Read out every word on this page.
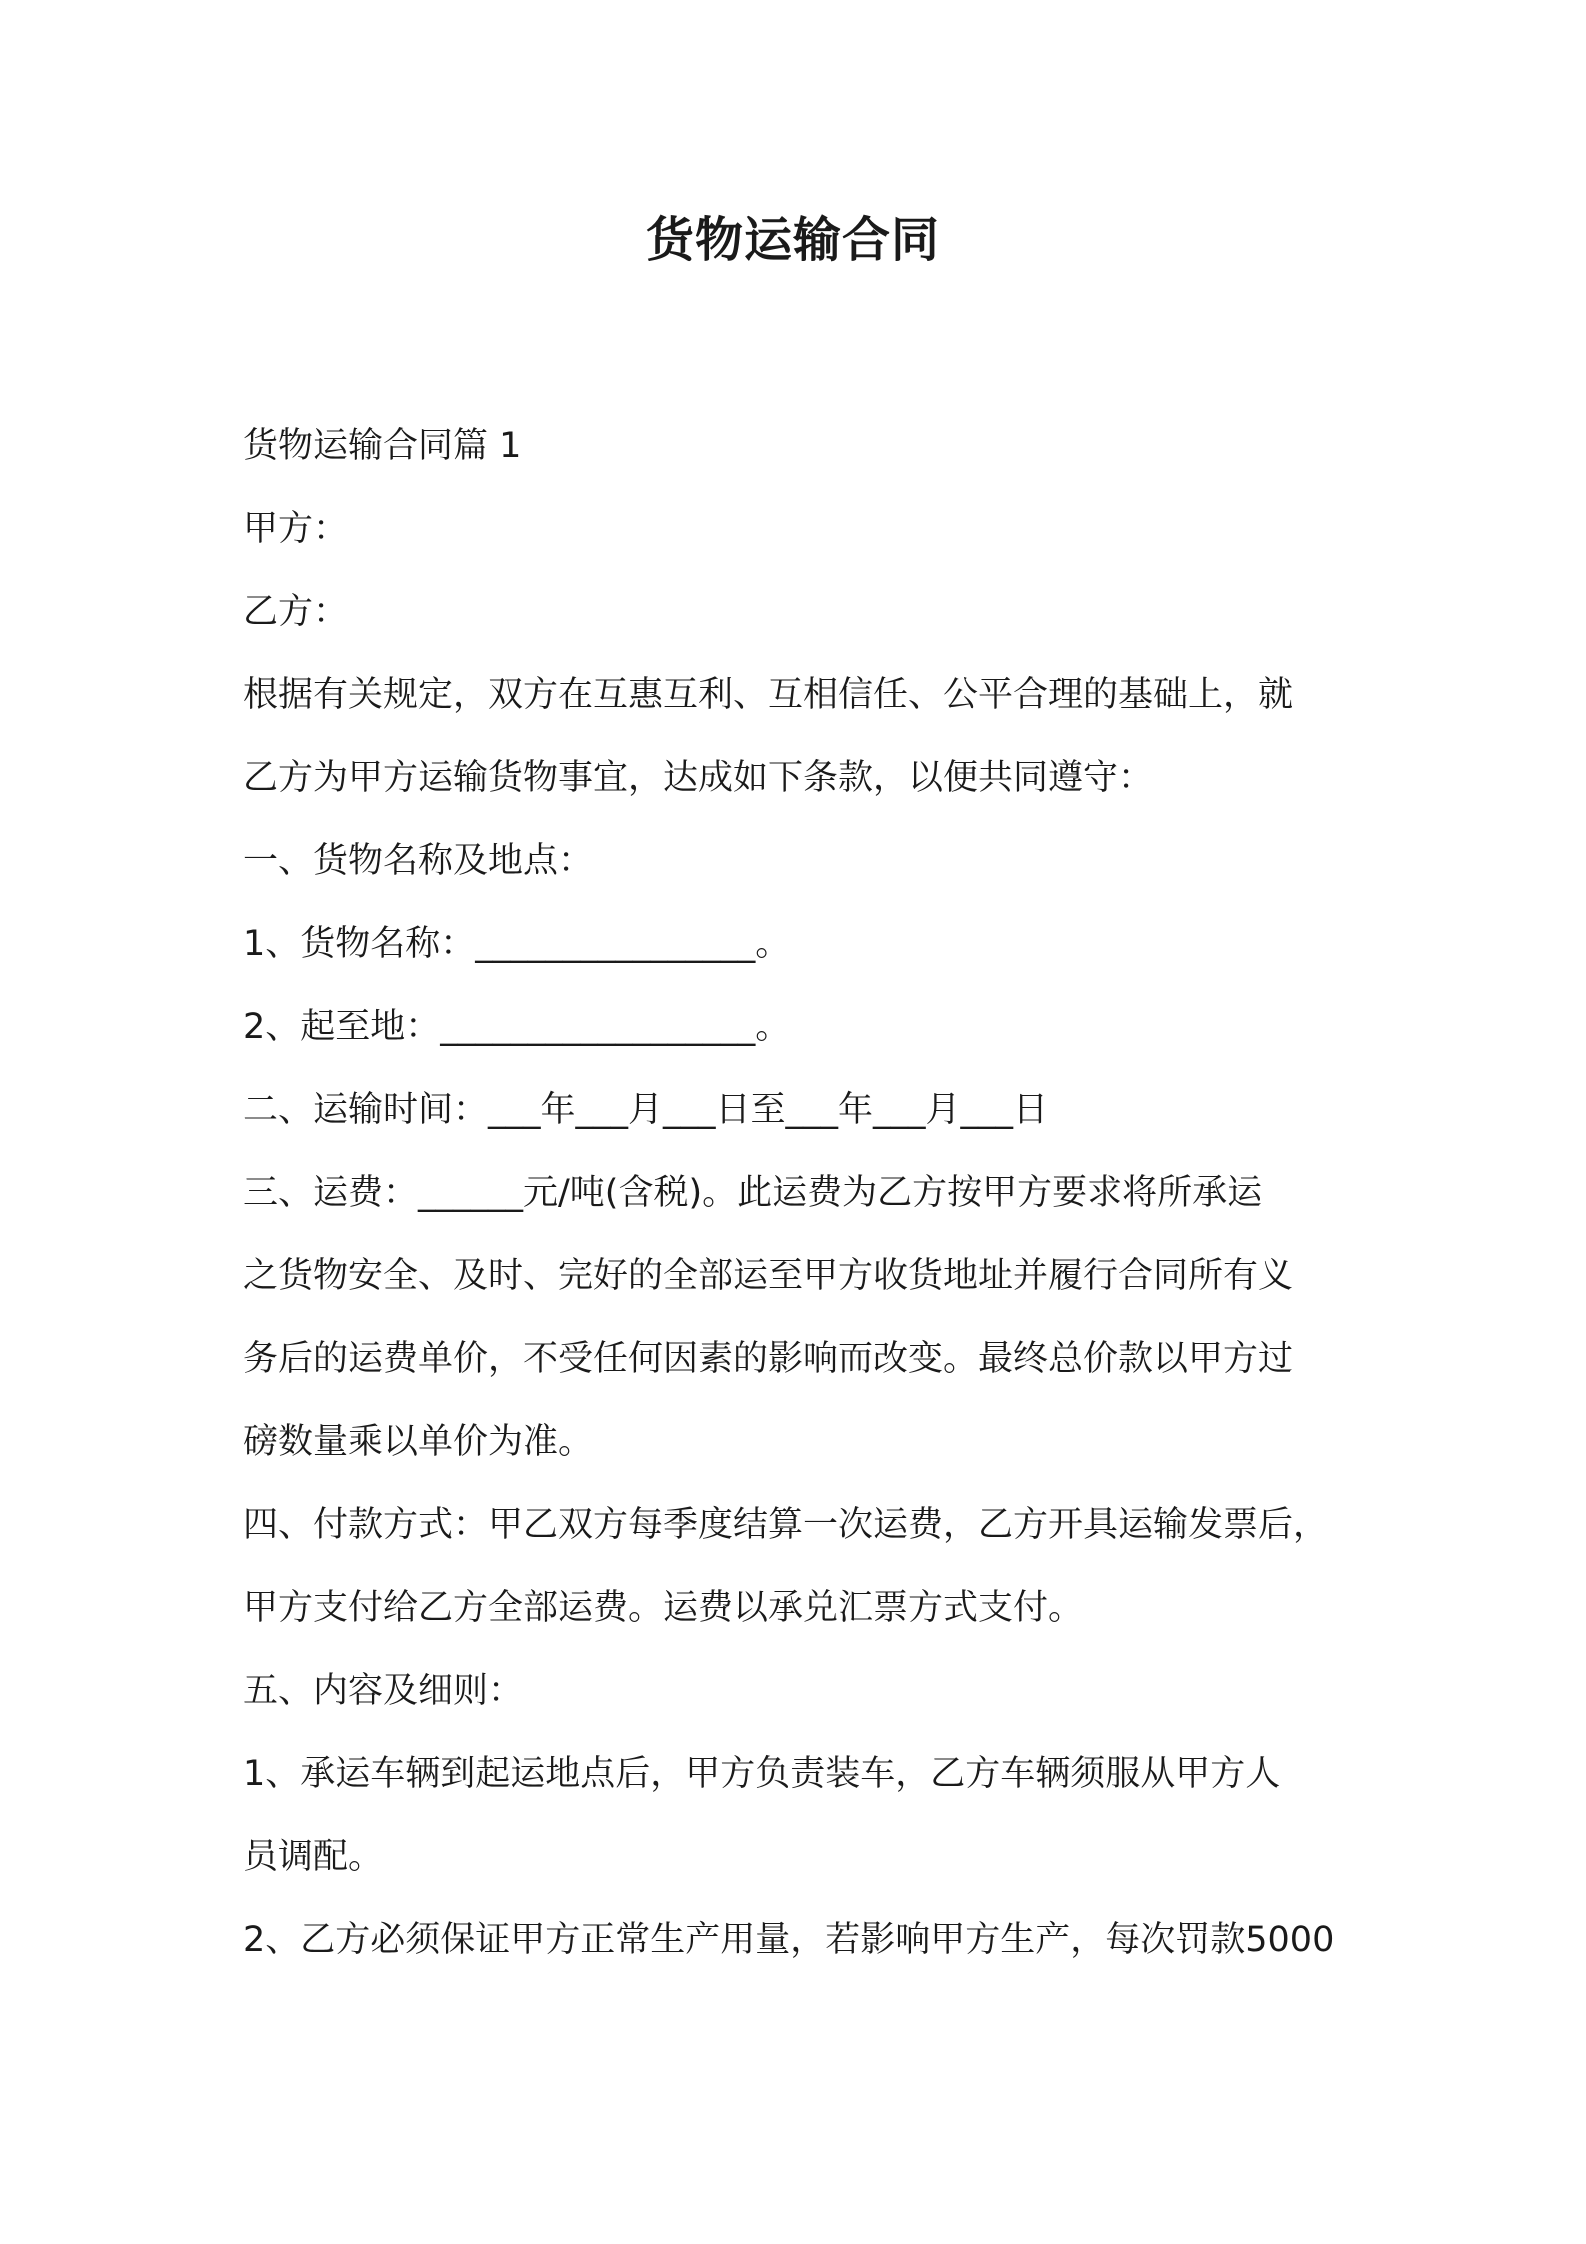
货物运输合同

货物运输合同篇 1

甲方：

乙方：

根据有关规定，双方在互惠互利、互相信任、公平合理的基础上，就

乙方为甲方运输货物事宜，达成如下条款，以便共同遵守：

一、货物名称及地点：

1、货物名称：________________。

2、起至地：__________________。

二、运输时间：___年___月___日至___年___月___日

三、运费：______元/吨(含税)。此运费为乙方按甲方要求将所承运

之货物安全、及时、完好的全部运至甲方收货地址并履行合同所有义

务后的运费单价，不受任何因素的影响而改变。最终总价款以甲方过

磅数量乘以单价为准。

四、付款方式：甲乙双方每季度结算一次运费，乙方开具运输发票后，

甲方支付给乙方全部运费。运费以承兑汇票方式支付。

五、内容及细则：

1、承运车辆到起运地点后，甲方负责装车，乙方车辆须服从甲方人

员调配。

2、乙方必须保证甲方正常生产用量，若影响甲方生产，每次罚款5000
